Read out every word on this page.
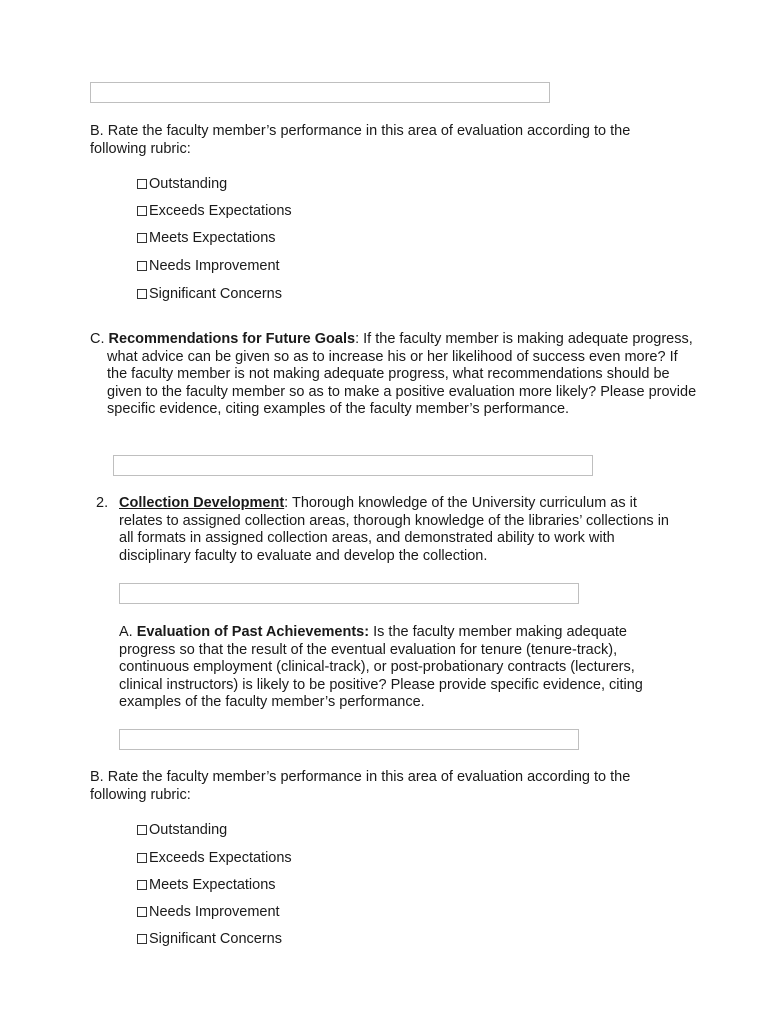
B. Rate the faculty member’s performance in this area of evaluation according to the following rubric:
Outstanding
Exceeds Expectations
Meets Expectations
Needs Improvement
Significant Concerns
C. Recommendations for Future Goals: If the faculty member is making adequate progress, what advice can be given so as to increase his or her likelihood of success even more? If the faculty member is not making adequate progress, what recommendations should be given to the faculty member so as to make a positive evaluation more likely? Please provide specific evidence, citing examples of the faculty member’s performance.
2. Collection Development: Thorough knowledge of the University curriculum as it relates to assigned collection areas, thorough knowledge of the libraries’ collections in all formats in assigned collection areas, and demonstrated ability to work with disciplinary faculty to evaluate and develop the collection.
A. Evaluation of Past Achievements: Is the faculty member making adequate progress so that the result of the eventual evaluation for tenure (tenure-track), continuous employment (clinical-track), or post-probationary contracts (lecturers, clinical instructors) is likely to be positive? Please provide specific evidence, citing examples of the faculty member’s performance.
B. Rate the faculty member’s performance in this area of evaluation according to the following rubric:
Outstanding
Exceeds Expectations
Meets Expectations
Needs Improvement
Significant Concerns
